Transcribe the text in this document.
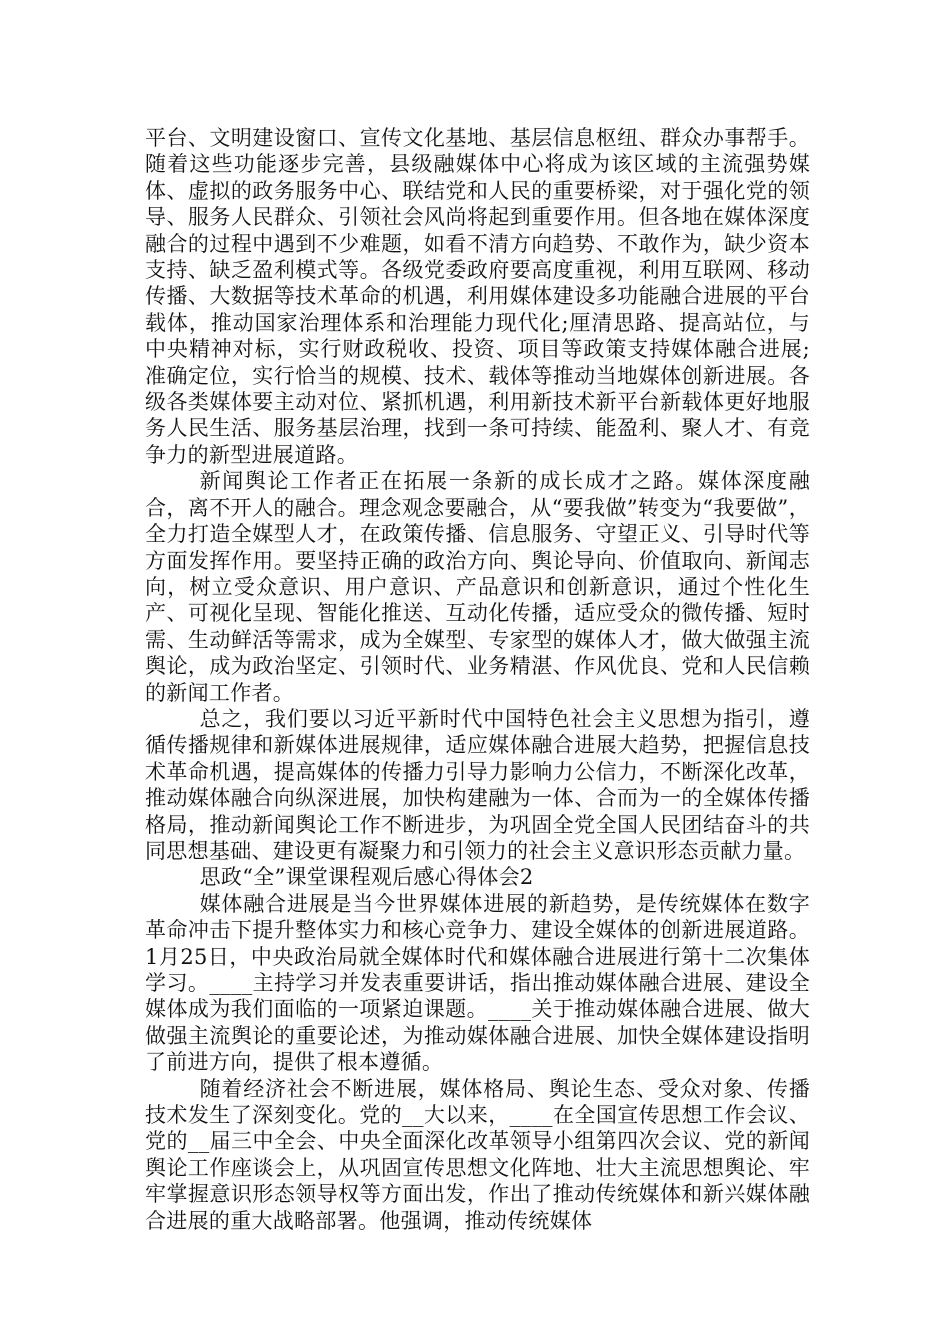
平台、文明建设窗口、宣传文化基地、基层信息枢纽、群众办事帮手。随着这些功能逐步完善，县级融媒体中心将成为该区域的主流强势媒体、虚拟的政务服务中心、联结党和人民的重要桥梁，对于强化党的领导、服务人民群众、引领社会风尚将起到重要作用。但各地在媒体深度融合的过程中遇到不少难题，如看不清方向趋势、不敢作为，缺少资本支持、缺乏盈利模式等。各级党委政府要高度重视，利用互联网、移动传播、大数据等技术革命的机遇，利用媒体建设多功能融合进展的平台载体，推动国家治理体系和治理能力现代化;厘清思路、提高站位，与中央精神对标，实行财政税收、投资、项目等政策支持媒体融合进展;准确定位，实行恰当的规模、技术、载体等推动当地媒体创新进展。各级各类媒体要主动对位、紧抓机遇，利用新技术新平台新载体更好地服务人民生活、服务基层治理，找到一条可持续、能盈利、聚人才、有竞争力的新型进展道路。

新闻舆论工作者正在拓展一条新的成长成才之路。媒体深度融合，离不开人的融合。理念观念要融合，从“要我做”转变为“我要做”，全力打造全媒型人才，在政策传播、信息服务、守望正义、引导时代等方面发挥作用。要坚持正确的政治方向、舆论导向、价值取向、新闻志向，树立受众意识、用户意识、产品意识和创新意识，通过个性化生产、可视化呈现、智能化推送、互动化传播，适应受众的微传播、短时需、生动鲜活等需求，成为全媒型、专家型的媒体人才，做大做强主流舆论，成为政治坚定、引领时代、业务精湛、作风优良、党和人民信赖的新闻工作者。

总之，我们要以习近平新时代中国特色社会主义思想为指引，遵循传播规律和新媒体进展规律，适应媒体融合进展大趋势，把握信息技术革命机遇，提高媒体的传播力引导力影响力公信力，不断深化改革，推动媒体融合向纵深进展，加快构建融为一体、合而为一的全媒体传播格局，推动新闻舆论工作不断进步，为巩固全党全国人民团结奋斗的共同思想基础、建设更有凝聚力和引领力的社会主义意识形态贡献力量。

思政“全”课堂课程观后感心得体会2

媒体融合进展是当今世界媒体进展的新趋势，是传统媒体在数字革命冲击下提升整体实力和核心竞争力、建设全媒体的创新进展道路。1月25日，中央政治局就全媒体时代和媒体融合进展进行第十二次集体学习。____主持学习并发表重要讲话，指出推动媒体融合进展、建设全媒体成为我们面临的一项紧迫课题。____关于推动媒体融合进展、做大做强主流舆论的重要论述，为推动媒体融合进展、加快全媒体建设指明了前进方向，提供了根本遵循。

随着经济社会不断进展，媒体格局、舆论生态、受众对象、传播技术发生了深刻变化。党的__大以来，____在全国宣传思想工作会议、党的__届三中全会、中央全面深化改革领导小组第四次会议、党的新闻舆论工作座谈会上，从巩固宣传思想文化阵地、壮大主流思想舆论、牢牢掌握意识形态领导权等方面出发，作出了推动传统媒体和新兴媒体融合进展的重大战略部署。他强调，推动传统媒体
